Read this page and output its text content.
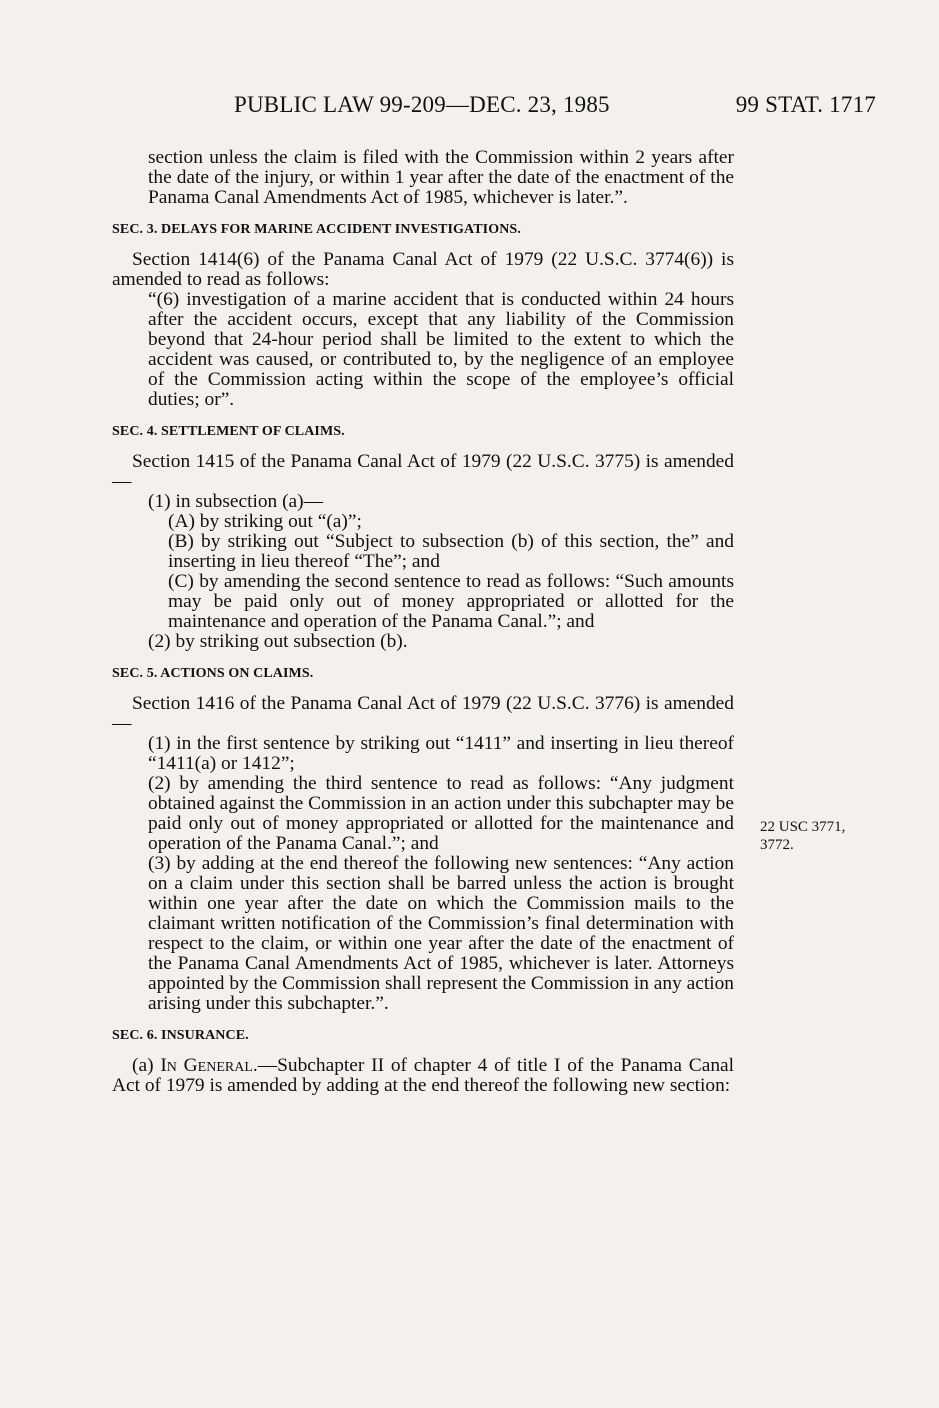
PUBLIC LAW 99-209—DEC. 23, 1985	99 STAT. 1717

section unless the claim is filed with the Commission within 2 years after the date of the injury, or within 1 year after the date of the enactment of the Panama Canal Amendments Act of 1985, whichever is later.”.

SEC. 3. DELAYS FOR MARINE ACCIDENT INVESTIGATIONS.

Section 1414(6) of the Panama Canal Act of 1979 (22 U.S.C. 3774(6)) is amended to read as follows:

“(6) investigation of a marine accident that is conducted within 24 hours after the accident occurs, except that any liability of the Commission beyond that 24-hour period shall be limited to the extent to which the accident was caused, or contributed to, by the negligence of an employee of the Commission acting within the scope of the employee’s official duties; or”.

SEC. 4. SETTLEMENT OF CLAIMS.

Section 1415 of the Panama Canal Act of 1979 (22 U.S.C. 3775) is amended—

(1) in subsection (a)—

(A) by striking out “(a)”;

(B) by striking out “Subject to subsection (b) of this section, the” and inserting in lieu thereof “The”; and

(C) by amending the second sentence to read as follows: “Such amounts may be paid only out of money appropriated or allotted for the maintenance and operation of the Panama Canal.”; and

(2) by striking out subsection (b).

SEC. 5. ACTIONS ON CLAIMS.

Section 1416 of the Panama Canal Act of 1979 (22 U.S.C. 3776) is amended—

(1) in the first sentence by striking out “1411” and inserting in lieu thereof “1411(a) or 1412”;

(2) by amending the third sentence to read as follows: “Any judgment obtained against the Commission in an action under this subchapter may be paid only out of money appropriated or allotted for the maintenance and operation of the Panama Canal.”; and

(3) by adding at the end thereof the following new sentences: “Any action on a claim under this section shall be barred unless the action is brought within one year after the date on which the Commission mails to the claimant written notification of the Commission’s final determination with respect to the claim, or within one year after the date of the enactment of the Panama Canal Amendments Act of 1985, whichever is later. Attorneys appointed by the Commission shall represent the Commission in any action arising under this subchapter.”.

SEC. 6. INSURANCE.

(a) In General.—Subchapter II of chapter 4 of title I of the Panama Canal Act of 1979 is amended by adding at the end thereof the following new section:

22 USC 3771, 3772.
